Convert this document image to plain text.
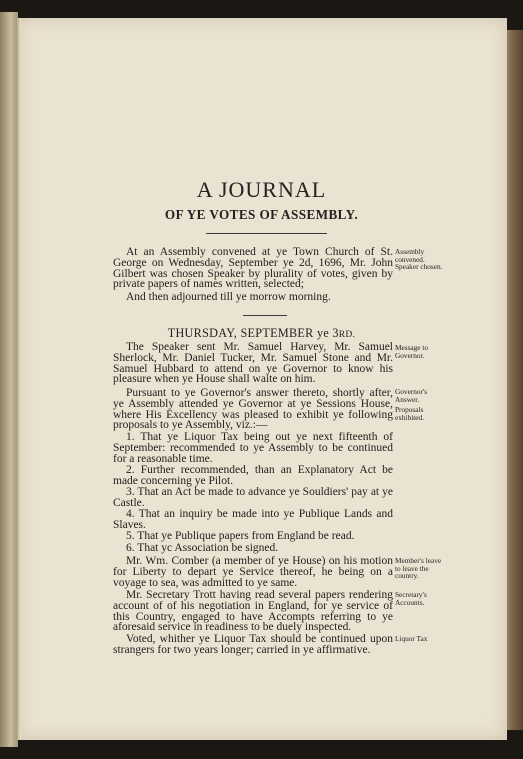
A JOURNAL
OF YE VOTES OF ASSEMBLY.
At an Assembly convened at ye Town Church of St. George on Wednesday, September ye 2d, 1696, Mr. John Gilbert was chosen Speaker by plurality of votes, given by private papers of names written, selected;
And then adjourned till ye morrow morning.
THURSDAY, SEPTEMBER ye 3RD.
The Speaker sent Mr. Samuel Harvey, Mr. Samuel Sherlock, Mr. Daniel Tucker, Mr. Samuel Stone and Mr. Samuel Hubbard to attend on ye Governor to know his pleasure when ye House shall waite on him.
Pursuant to ye Governor's answer thereto, shortly after, ye Assembly attended ye Governor at ye Sessions House, where His Excellency was pleased to exhibit ye following proposals to ye Assembly, viz.:—
1. That ye Liquor Tax being out ye next fifteenth of September: recommended to ye Assembly to be continued for a reasonable time.
2. Further recommended, than an Explanatory Act be made concerning ye Pilot.
3. That an Act be made to advance ye Souldiers' pay at ye Castle.
4. That an inquiry be made into ye Publique Lands and Slaves.
5. That ye Publique papers from England be read.
6. That yc Association be signed.
Mr. Wm. Comber (a member of ye House) on his motion for Liberty to depart ye Service thereof, he being on a voyage to sea, was admitted to ye same.
Mr. Secretary Trott having read several papers rendering account of of his negotiation in England, for ye service of this Country, engaged to have Accompts referring to ye aforesaid service in readiness to be duely inspected.
Voted, whither ye Liquor Tax should be continued upon strangers for two years longer; carried in ye affirmative.
Assembly convened. Speaker chosen.
Message to Governor.
Governor's Answer.
Proposals exhibited.
Member's leave to leave the country.
Secretary's Accounts.
Liquor Tax
